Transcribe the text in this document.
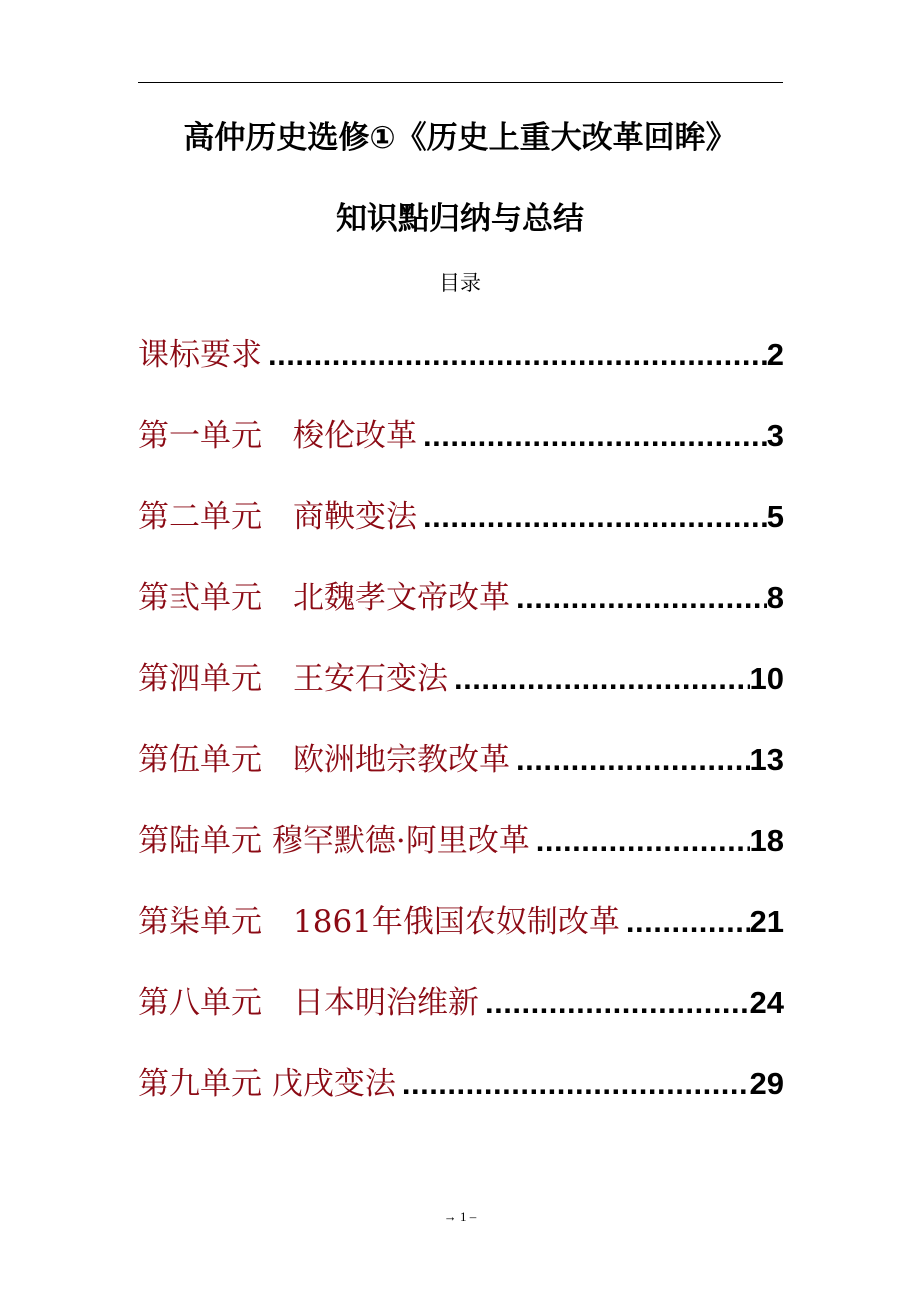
高仲历史选修①《历史上重大改革回眸》
知识點归纳与总结
目录
课标要求 .....	2
第一单元　梭伦改革 .....	3
第二单元　商鞅变法 .....	5
第弎单元　北魏孝文帝改革 .....	8
第泗单元　王安石变法 .....	10
第伍单元　欧洲地宗教改革 .....	13
第陆单元 穆罕默德·阿里改革 .....	18
第柒单元　1861年俄国农奴制改革 .....	21
第八单元　日本明治维新 .....	24
第九单元 戊戌变法 .....	29
→ 1 –
